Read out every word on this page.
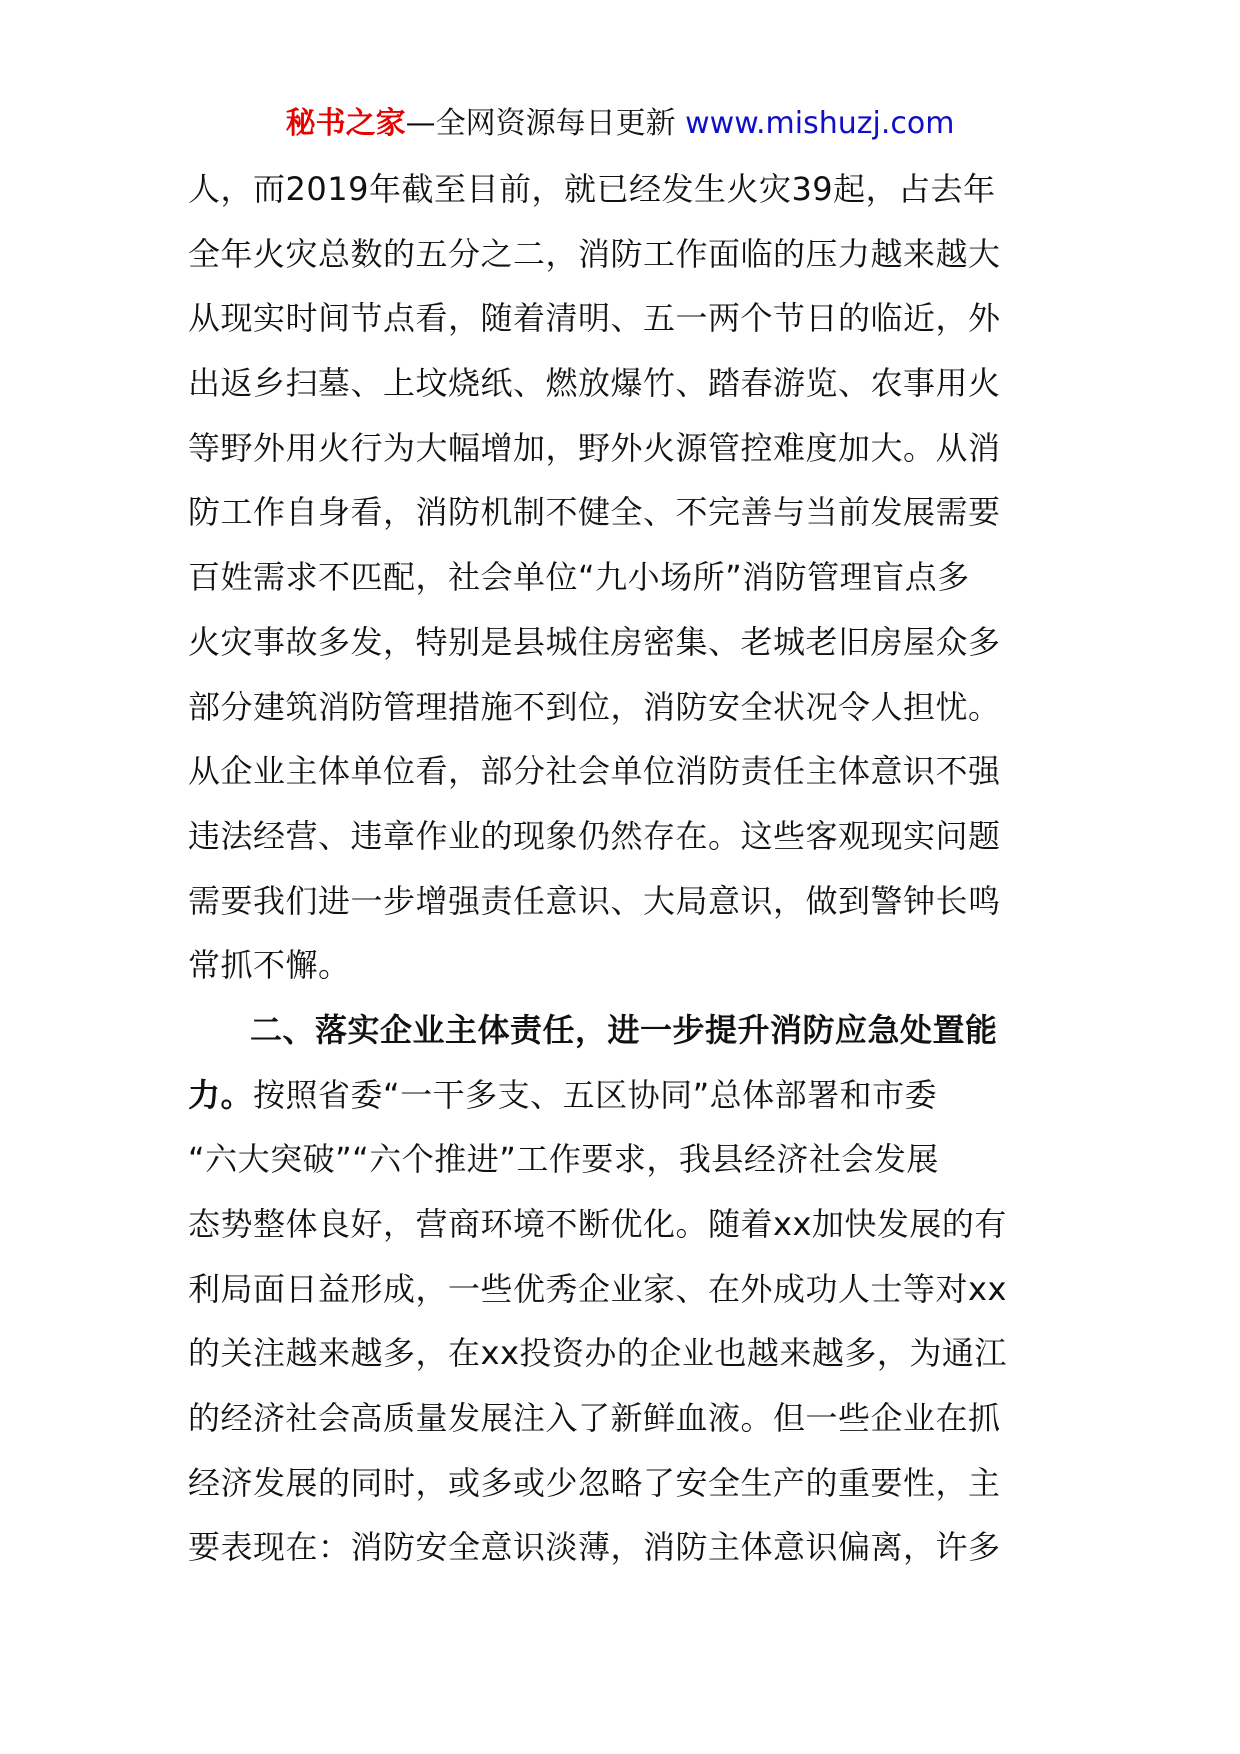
秘书之家—全网资源每日更新 www.mishuzj.com
人，而2019年截至目前，就已经发生火灾39起，占去年
全年火灾总数的五分之二，消防工作面临的压力越来越大
从现实时间节点看，随着清明、五一两个节日的临近，外
出返乡扫墓、上坟烧纸、燃放爆竹、踏春游览、农事用火
等野外用火行为大幅增加，野外火源管控难度加大。从消
防工作自身看，消防机制不健全、不完善与当前发展需要
百姓需求不匹配，社会单位“九小场所”消防管理盲点多
火灾事故多发，特别是县城住房密集、老城老旧房屋众多
部分建筑消防管理措施不到位，消防安全状况令人担忧。
从企业主体单位看，部分社会单位消防责任主体意识不强
违法经营、违章作业的现象仍然存在。这些客观现实问题
需要我们进一步增强责任意识、大局意识，做到警钟长鸣
常抓不懈。
二、落实企业主体责任，进一步提升消防应急处置能
力。按照省委“一干多支、五区协同”总体部署和市委
“六大突破”“六个推进”工作要求，我县经济社会发展
态势整体良好，营商环境不断优化。随着xx加快发展的有
利局面日益形成，一些优秀企业家、在外成功人士等对xx
的关注越来越多，在xx投资办的企业也越来越多，为通江
的经济社会高质量发展注入了新鲜血液。但一些企业在抓
经济发展的同时，或多或少忽略了安全生产的重要性，主
要表现在：消防安全意识淡薄，消防主体意识偏离，许多
